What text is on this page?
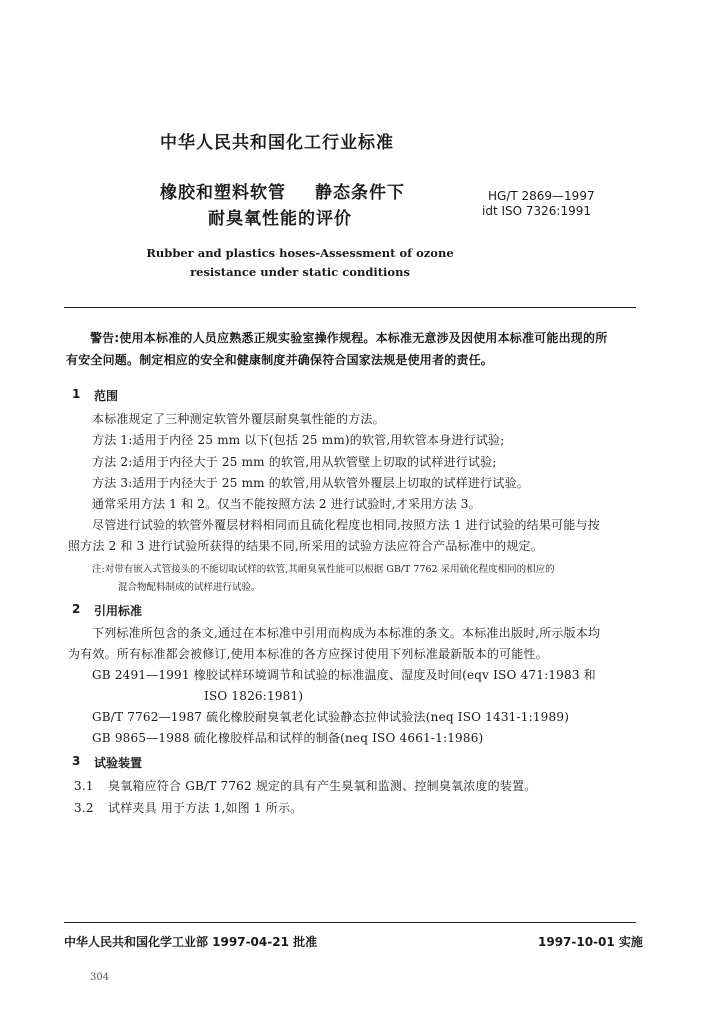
中华人民共和国化工行业标准
橡胶和塑料软管 静态条件下
耐臭氧性能的评价
HG/T 2869—1997
idt ISO 7326:1991
Rubber and plastics hoses-Assessment of ozone
resistance under static conditions
警告:使用本标准的人员应熟悉正规实验室操作规程。本标准无意涉及因使用本标准可能出现的所
有安全问题。制定相应的安全和健康制度并确保符合国家法规是使用者的责任。
1 范围
本标准规定了三种测定软管外覆层耐臭氧性能的方法。
方法 1:适用于内径 25 mm 以下(包括 25 mm)的软管,用软管本身进行试验;
方法 2:适用于内径大于 25 mm 的软管,用从软管壁上切取的试样进行试验;
方法 3:适用于内径大于 25 mm 的软管,用从软管外覆层上切取的试样进行试验。
通常采用方法 1 和 2。仅当不能按照方法 2 进行试验时,才采用方法 3。
尽管进行试验的软管外覆层材料相同而且硫化程度也相同,按照方法 1 进行试验的结果可能与按
照方法 2 和 3 进行试验所获得的结果不同,所采用的试验方法应符合产品标准中的规定。
注:对带有嵌入式管接头的不能切取试样的软管,其耐臭氧性能可以根据 GB/T 7762 采用硫化程度相同的相应的
混合物配料制成的试样进行试验。
2 引用标准
下列标准所包含的条文,通过在本标准中引用而构成为本标准的条文。本标准出版时,所示版本均
为有效。所有标准都会被修订,使用本标准的各方应探讨使用下列标准最新版本的可能性。
GB 2491—1991 橡胶试样环境调节和试验的标准温度、湿度及时间(eqv ISO 471:1983 和
ISO 1826:1981)
GB/T 7762—1987 硫化橡胶耐臭氧老化试验静态拉伸试验法(neq ISO 1431-1:1989)
GB 9865—1988 硫化橡胶样品和试样的制备(neq ISO 4661-1:1986)
3 试验装置
3.1 臭氧箱应符合 GB/T 7762 规定的具有产生臭氧和监测、控制臭氧浓度的装置。
3.2 试样夹具 用于方法 1,如图 1 所示。
中华人民共和国化学工业部 1997-04-21 批准	1997-10-01 实施
304
